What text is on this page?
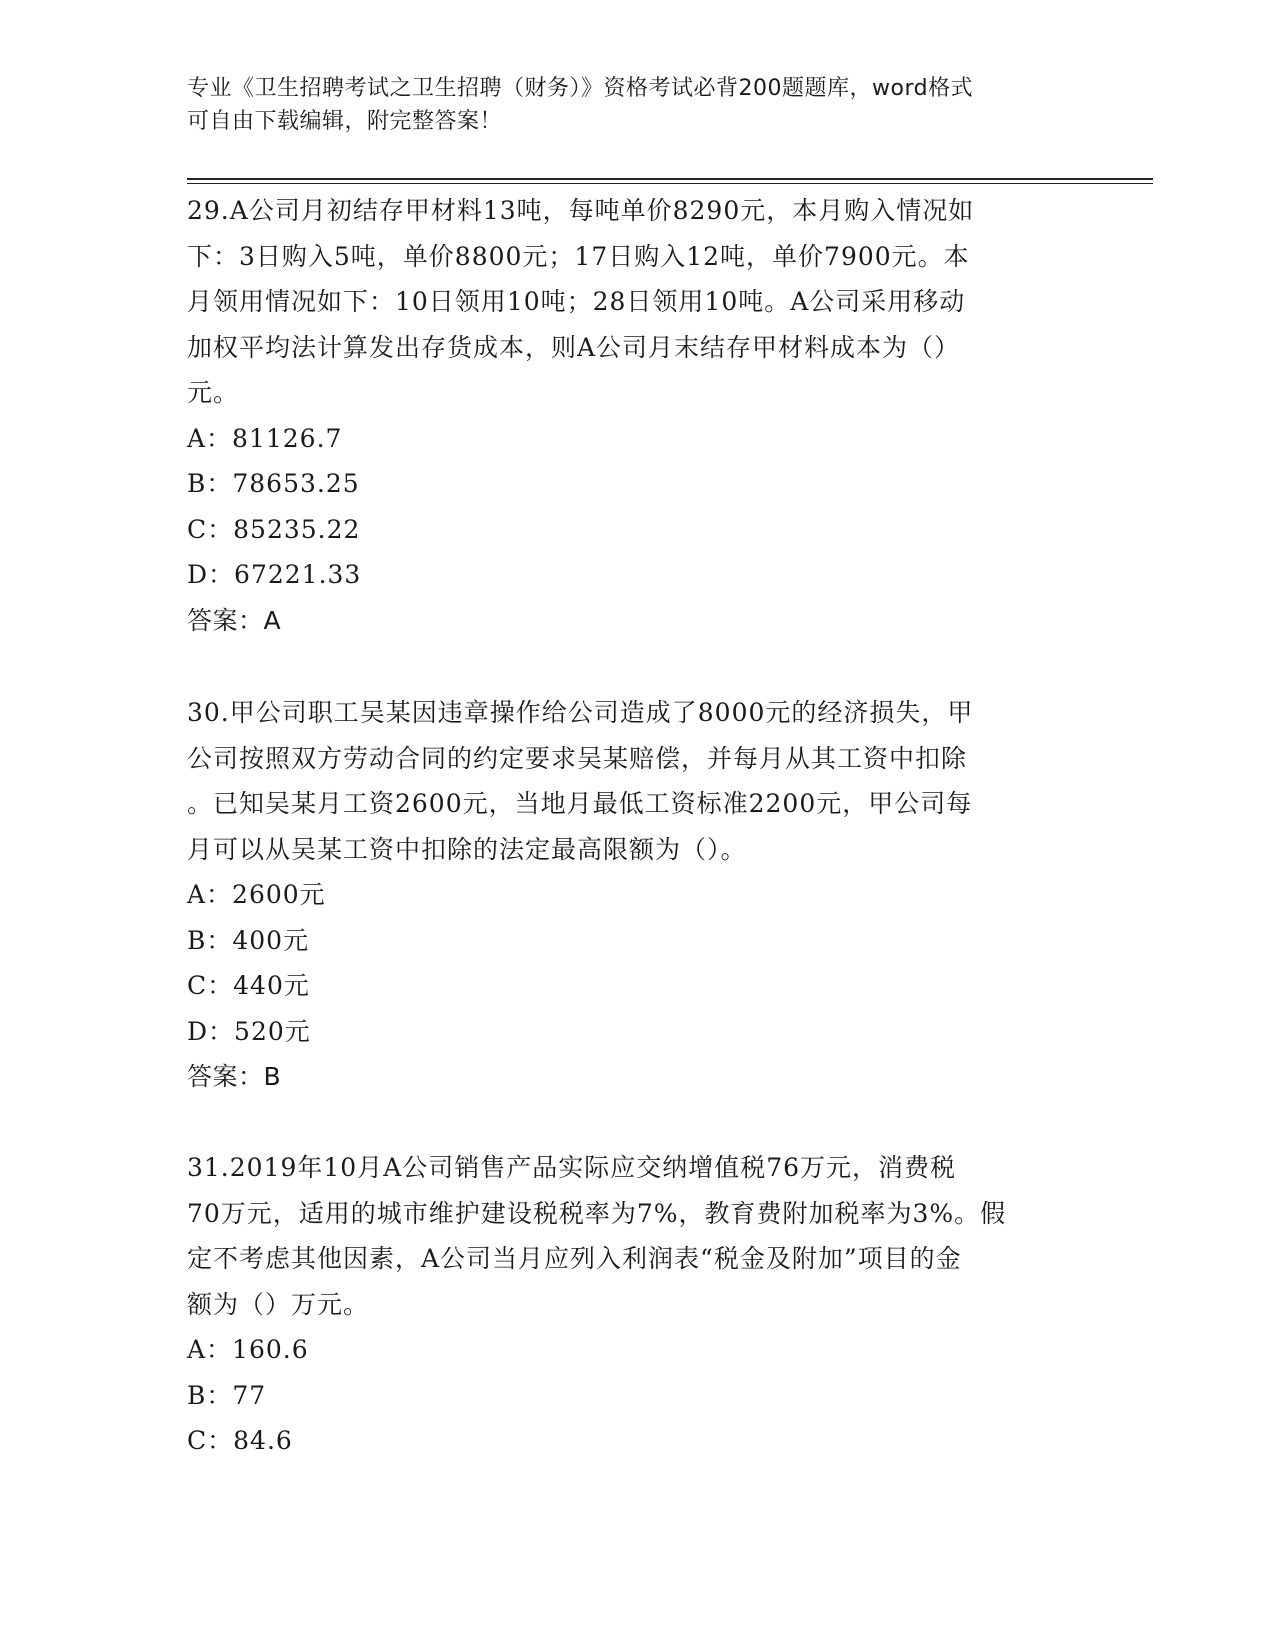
专业《卫生招聘考试之卫生招聘（财务）》资格考试必背200题题库，word格式
可自由下载编辑，附完整答案！
29.A公司月初结存甲材料13吨，每吨单价8290元，本月购入情况如
下：3日购入5吨，单价8800元；17日购入12吨，单价7900元。本
月领用情况如下：10日领用10吨；28日领用10吨。A公司采用移动
加权平均法计算发出存货成本，则A公司月末结存甲材料成本为（）
元。
A：81126.7
B：78653.25
C：85235.22
D：67221.33
答案：A
30.甲公司职工吴某因违章操作给公司造成了8000元的经济损失，甲
公司按照双方劳动合同的约定要求吴某赔偿，并每月从其工资中扣除
。已知吴某月工资2600元，当地月最低工资标准2200元，甲公司每
月可以从吴某工资中扣除的法定最高限额为（）。
A：2600元
B：400元
C：440元
D：520元
答案：B
31.2019年10月A公司销售产品实际应交纳增值税76万元，消费税
70万元，适用的城市维护建设税税率为7%，教育费附加税率为3%。假
定不考虑其他因素，A公司当月应列入利润表“税金及附加”项目的金
额为（）万元。
A：160.6
B：77
C：84.6
